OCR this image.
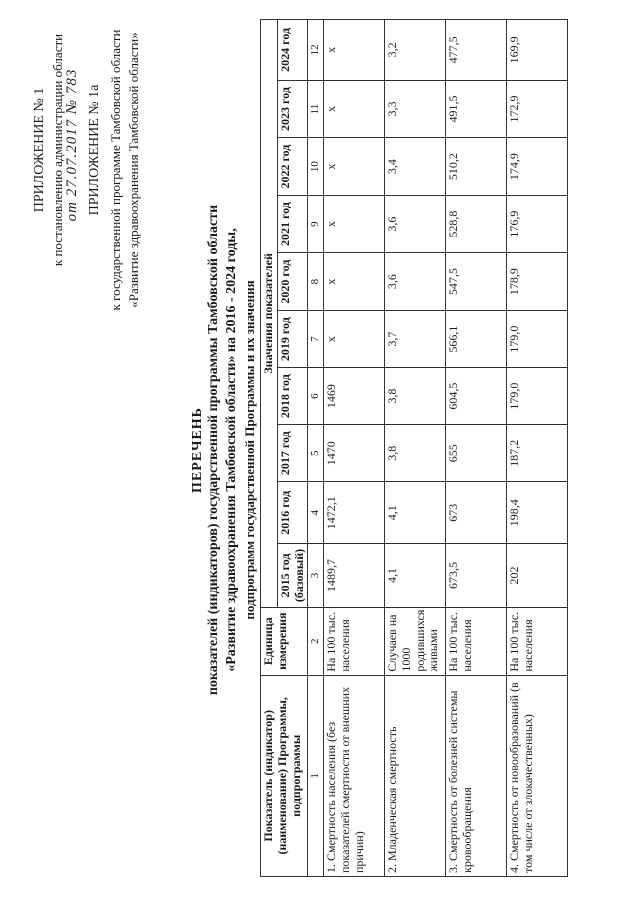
ПРИЛОЖЕНИЕ № 1 к постановлению администрации области от 27.07.2017 № 783 ПРИЛОЖЕНИЕ № 1а к государственной программе Тамбовской области «Развитие здравоохранения Тамбовской области»
ПЕРЕЧЕНЬ показателей (индикаторов) государственной программы Тамбовской области «Развитие здравоохранения Тамбовской области» на 2016 - 2024 годы, подпрограмм государственной Программы и их значения
Показатель (индикатор) (наименование) Программы, подпрограммы	Единица измерения	Значения показателей									
		2015 год (базовый)	2016 год	2017 год	2018 год	2019 год	2020 год	2021 год	2022 год	2023 год	2024 год
1	2	3	4	5	6	7	8	9	10	11	12
1. Смертность населения (без показателей смертности от внешних причин)	На 100 тыс. населения	1489,7	1472,1	1470	1469	х	х	х	х	х	х
2. Младенческая смертность	Случаев на 1000 родившихся живыми	4,1	4,1	3,8	3,8	3,7	3,6	3,6	3,4	3,3	3,2
3. Смертность от болезней системы кровообращения	На 100 тыс. населения	673,5	673	655	604,5	566,1	547,5	528,8	510,2	491,5	477,5
4. Смертность от новообразований (в том числе от злокачественных)	На 100 тыс. населения	202	198,4	187,2	179,0	179,0	178,9	176,9	174,9	172,9	169,9
